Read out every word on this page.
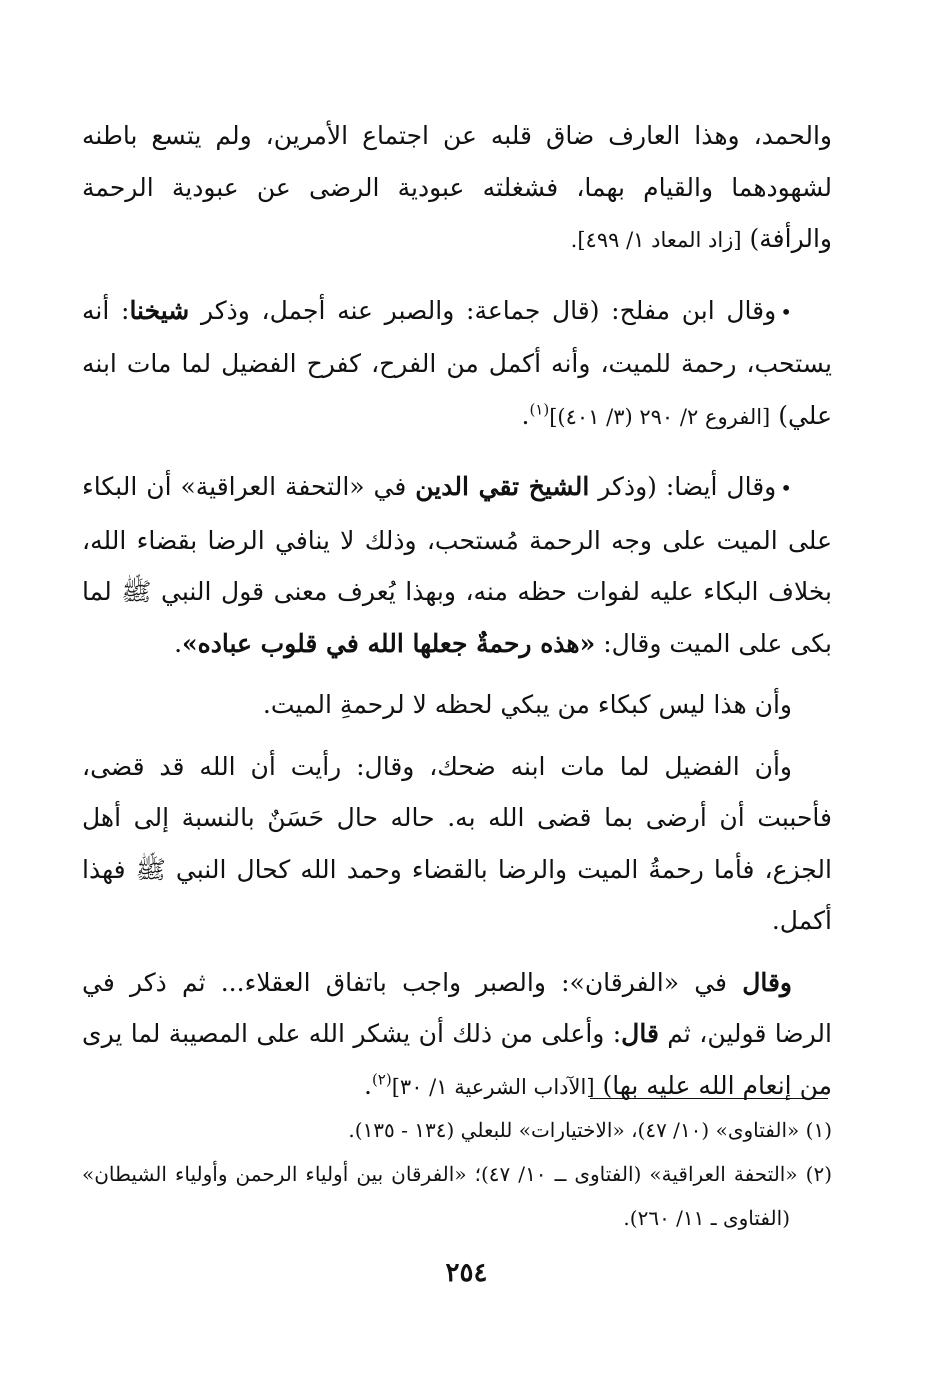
والحمد، وهذا العارف ضاق قلبه عن اجتماع الأمرين، ولم يتسع باطنه لشهودهما والقيام بهما، فشغلته عبودية الرضى عن عبودية الرحمة والرأفة) [زاد المعاد ١/ ٤٩٩].

•وقال ابن مفلح: (قال جماعة: والصبر عنه أجمل، وذكر شيخنا: أنه يستحب، رحمة للميت، وأنه أكمل من الفرح، كفرح الفضيل لما مات ابنه علي) [الفروع ٢/ ٢٩٠ (٣/ ٤٠١)]$^{(١)}$.

•وقال أيضا: (وذكر الشيخ تقي الدين في «التحفة العراقية» أن البكاء على الميت على وجه الرحمة مُستحب، وذلك لا ينافي الرضا بقضاء الله، بخلاف البكاء عليه لفوات حظه منه، وبهذا يُعرف معنى قول النبي ﷺ لما بكى على الميت وقال: «هذه رحمةٌ جعلها الله في قلوب عباده».

وأن هذا ليس كبكاء من يبكي لحظه لا لرحمةِ الميت.

وأن الفضيل لما مات ابنه ضحك، وقال: رأيت أن الله قد قضى، فأحببت أن أرضى بما قضى الله به. حاله حال حَسَنٌ بالنسبة إلى أهل الجزع، فأما رحمةُ الميت والرضا بالقضاء وحمد الله كحال النبي ﷺ فهذا أكمل.

وقال في «الفرقان»: والصبر واجب باتفاق العقلاء... ثم ذكر في الرضا قولين، ثم قال: وأعلى من ذلك أن يشكر الله على المصيبة لما يرى من إنعام الله عليه بها) [الآداب الشرعية ١/ ٣٠]$^{(٢)}$.

(١) «الفتاوى» (١٠/ ٤٧)، «الاختيارات» للبعلي (١٣٤ - ١٣٥).

(٢) «التحفة العراقية» (الفتاوى ــ ١٠/ ٤٧)؛ «الفرقان بين أولياء الرحمن وأولياء الشيطان» (الفتاوى ـ ١١/ ٢٦٠).

٢٥٤
